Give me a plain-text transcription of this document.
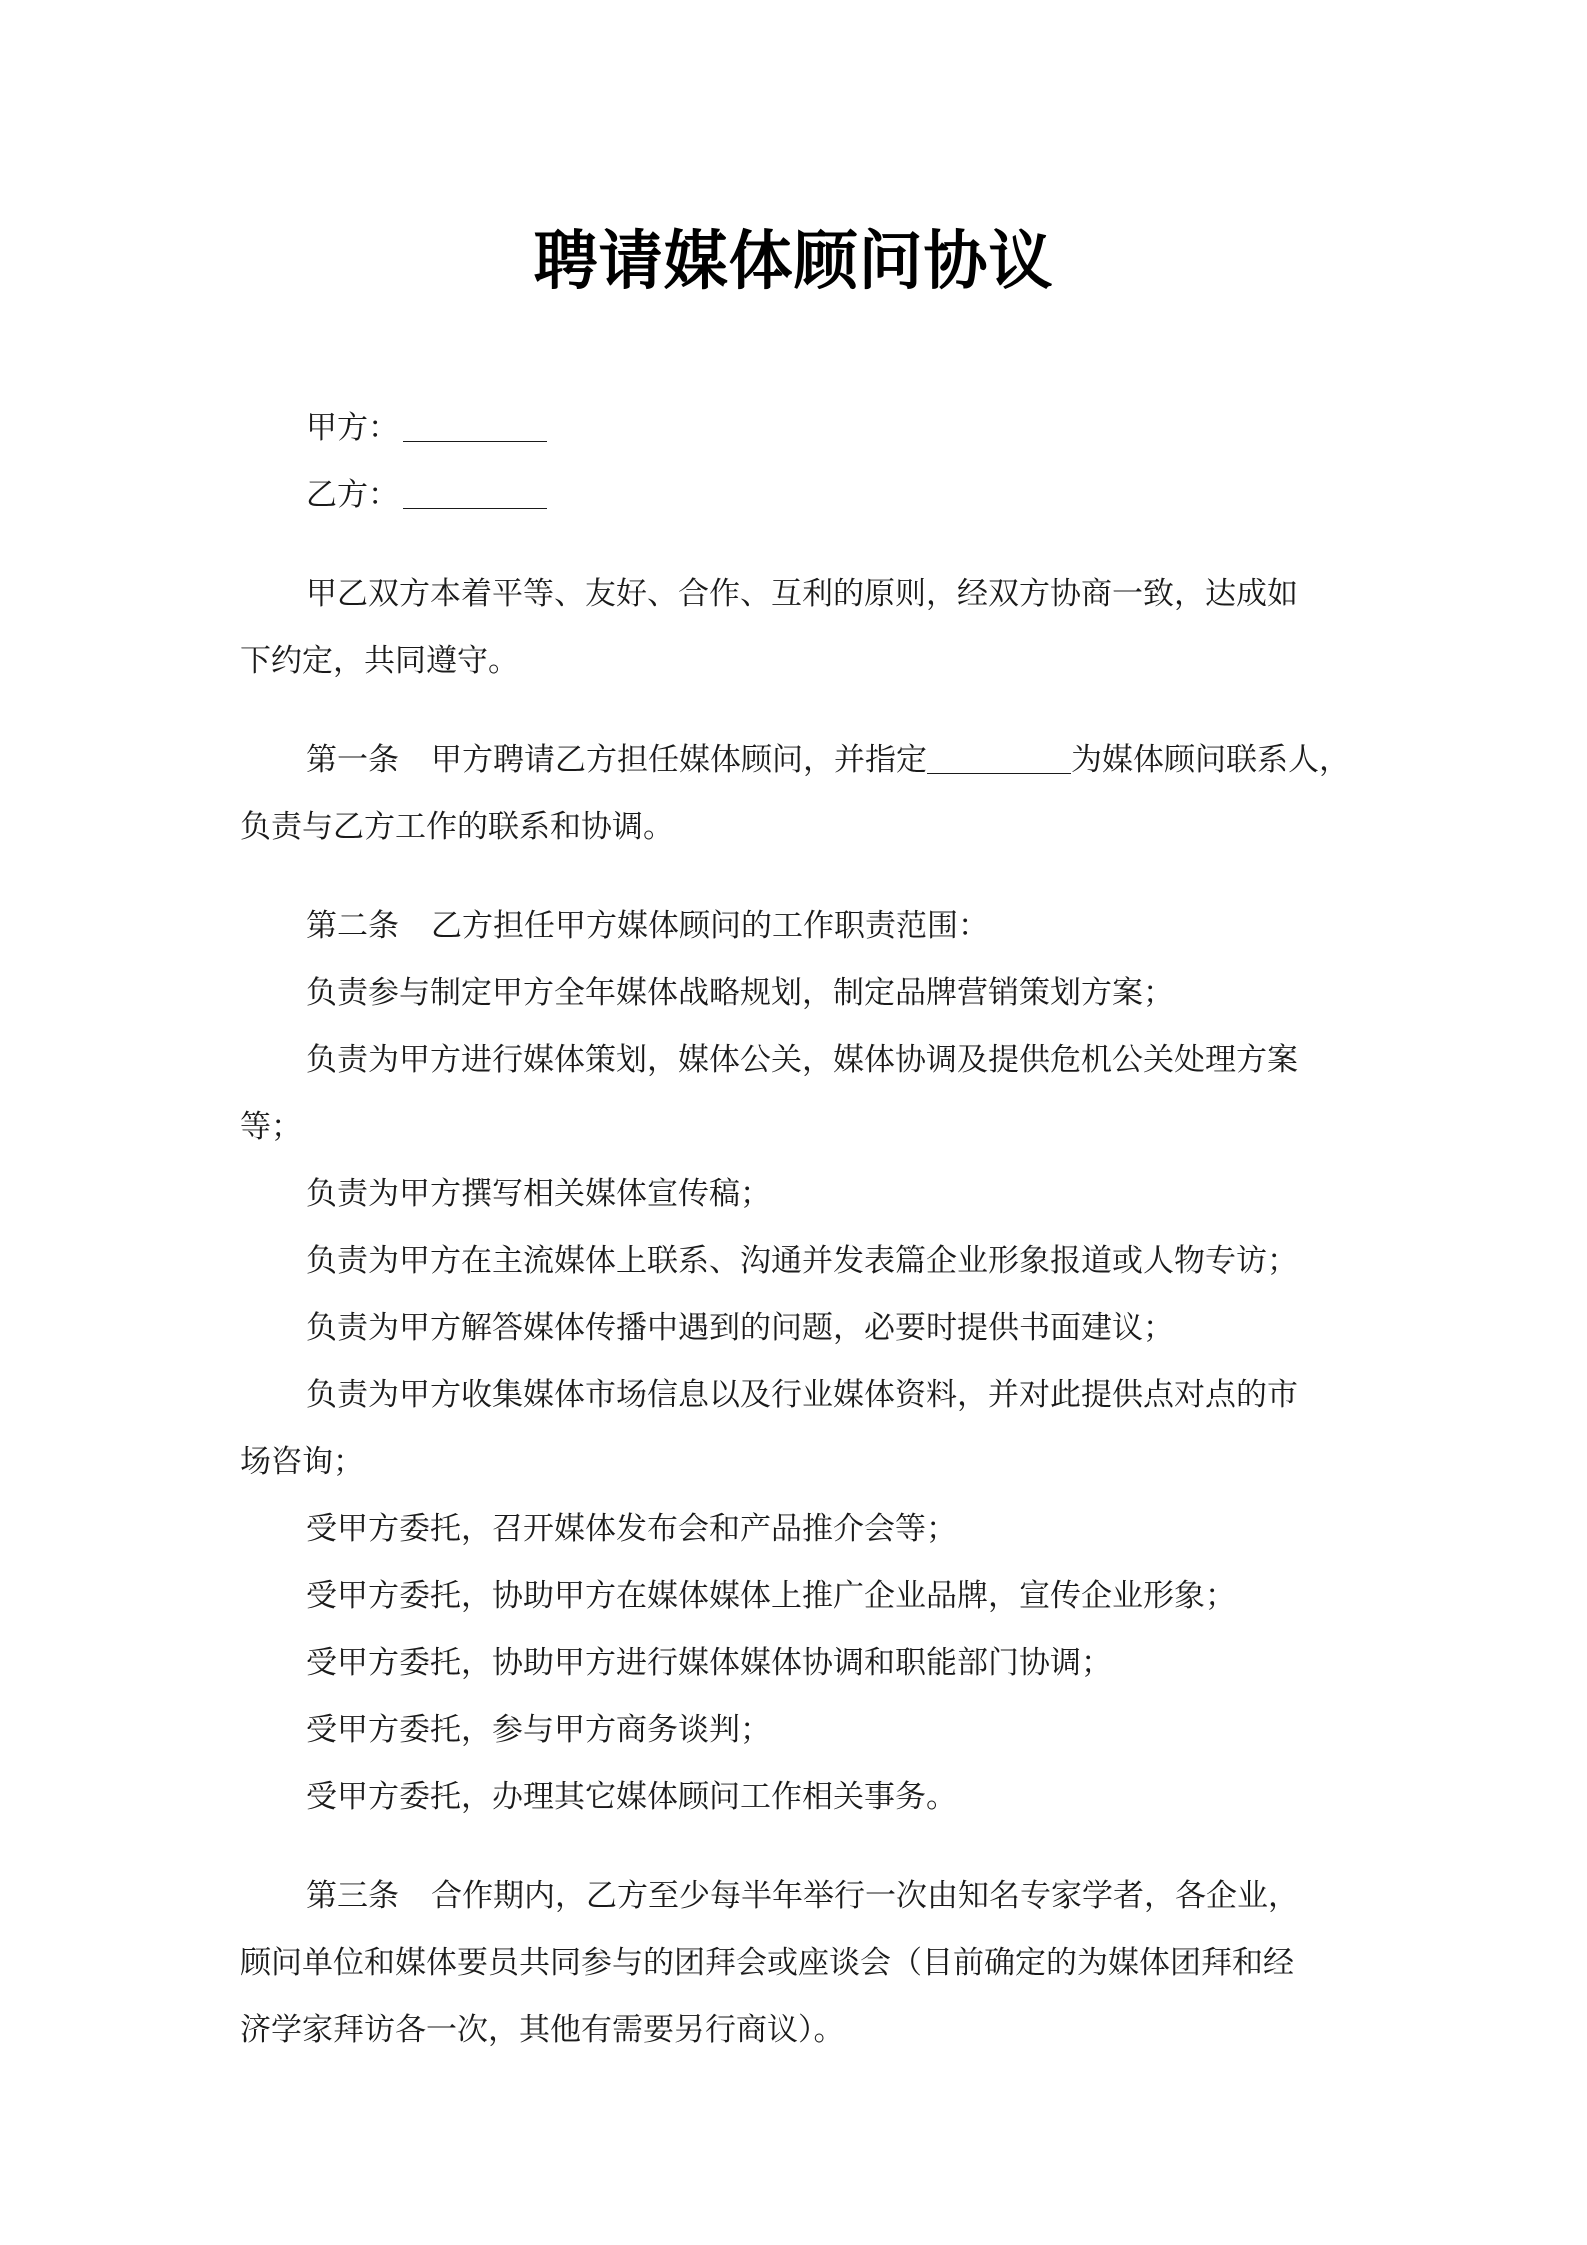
聘请媒体顾问协议
甲方：
乙方：
甲乙双方本着平等、友好、合作、互利的原则，经双方协商一致，达成如
下约定，共同遵守。
第一条 甲方聘请乙方担任媒体顾问，并指定	为媒体顾问联系人，
负责与乙方工作的联系和协调。
第二条 乙方担任甲方媒体顾问的工作职责范围：
负责参与制定甲方全年媒体战略规划，制定品牌营销策划方案；
负责为甲方进行媒体策划，媒体公关，媒体协调及提供危机公关处理方案
等；
负责为甲方撰写相关媒体宣传稿；
负责为甲方在主流媒体上联系、沟通并发表篇企业形象报道或人物专访；
负责为甲方解答媒体传播中遇到的问题，必要时提供书面建议；
负责为甲方收集媒体市场信息以及行业媒体资料，并对此提供点对点的市
场咨询；
受甲方委托，召开媒体发布会和产品推介会等；
受甲方委托，协助甲方在媒体媒体上推广企业品牌，宣传企业形象；
受甲方委托，协助甲方进行媒体媒体协调和职能部门协调；
受甲方委托，参与甲方商务谈判；
受甲方委托，办理其它媒体顾问工作相关事务。
第三条 合作期内，乙方至少每半年举行一次由知名专家学者，各企业，
顾问单位和媒体要员共同参与的团拜会或座谈会（目前确定的为媒体团拜和经
济学家拜访各一次，其他有需要另行商议）。
